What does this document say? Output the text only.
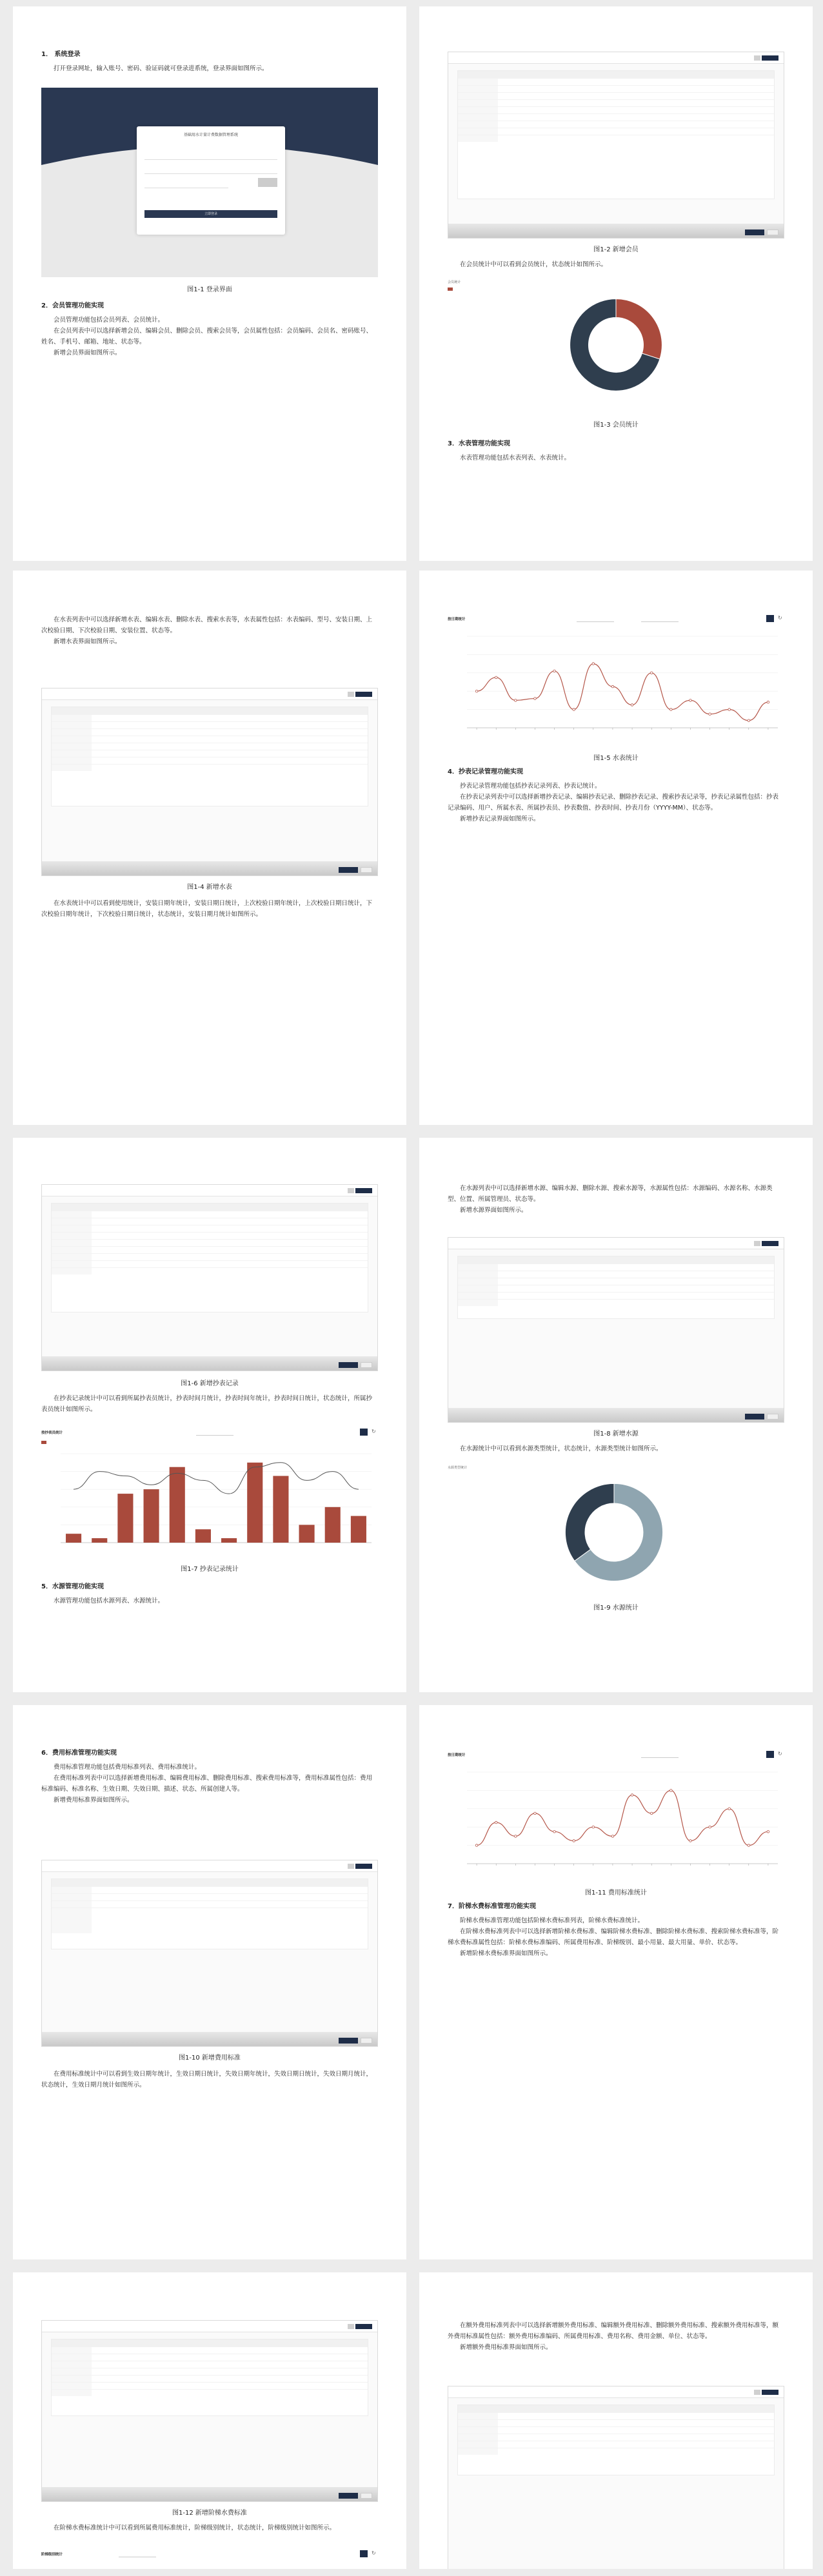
1． 系统登录
打开登录网址，输入账号、密码、验证码就可登录进系统，登录界面如图所示。
基础用水计量计费数据管理系统
立即登录
图1-1 登录界面
2．会员管理功能实现
会员管理功能包括会员列表、会员统计。
在会员列表中可以选择新增会员、编辑会员、删除会员、搜索会员等，会员属性包括：会员编码、会员名、密码账号、姓名、手机号、邮箱、地址、状态等。
新增会员界面如图所示。
图1-2 新增会员
在会员统计中可以看到会员统计，状态统计如图所示。
会员统计
图1-3 会员统计
3．水表管理功能实现
水表管理功能包括水表列表、水表统计。
在水表列表中可以选择新增水表、编辑水表、删除水表、搜索水表等，水表属性包括：水表编码、型号、安装日期、上次校验日期、下次校验日期、安装位置、状态等。
新增水表界面如图所示。
图1-4 新增水表
在水表统计中可以看到使用统计，安装日期年统计，安装日期日统计，上次校验日期年统计，上次校验日期日统计，下次校验日期年统计，下次校验日期日统计，状态统计，安装日期月统计如图所示。
按日期统计	↻
图1-5 水表统计
4．抄表记录管理功能实现
抄表记录管理功能包括抄表记录列表、抄表记统计。
在抄表记录列表中可以选择新增抄表记录、编辑抄表记录、删除抄表记录、搜索抄表记录等，抄表记录属性包括：抄表记录编码、用户、所属水表、所属抄表员、抄表数值、抄表时间、抄表月份（YYYY-MM）、状态等。
新增抄表记录界面如图所示。
图1-6 新增抄表记录
在抄表记录统计中可以看到所属抄表员统计，抄表时间月统计，抄表时间年统计，抄表时间日统计，状态统计，所属抄表员统计如图所示。
按抄表员统计	↻
图1-7 抄表记录统计
5．水源管理功能实现
水源管理功能包括水源列表、水源统计。
在水源列表中可以选择新增水源、编辑水源、删除水源、搜索水源等，水源属性包括：水源编码、水源名称、水源类型、位置、所属管理员、状态等。
新增水源界面如图所示。
图1-8 新增水源
在水源统计中可以看到水源类型统计，状态统计，水源类型统计如图所示。
水源类型统计
图1-9 水源统计
6．费用标准管理功能实现
费用标准管理功能包括费用标准列表、费用标准统计。
在费用标准列表中可以选择新增费用标准、编辑费用标准、删除费用标准、搜索费用标准等，费用标准属性包括：费用标准编码、标准名称、生效日期、失效日期、描述、状态、所属创建人等。
新增费用标准界面如图所示。
图1-10 新增费用标准
在费用标准统计中可以看到生效日期年统计，生效日期日统计，失效日期年统计，失效日期日统计，失效日期月统计，状态统计，生效日期月统计如图所示。
按日期统计	↻
图1-11 费用标准统计
7．阶梯水费标准管理功能实现
阶梯水费标准管理功能包括阶梯水费标准列表，阶梯水费标准统计。
在阶梯水费标准列表中可以选择新增阶梯水费标准、编辑阶梯水费标准、删除阶梯水费标准、搜索阶梯水费标准等，阶梯水费标准属性包括：阶梯水费标准编码、所属费用标准、阶梯级别、最小用量、最大用量、单价、状态等。
新增阶梯水费标准界面如图所示。
图1-12 新增阶梯水费标准
在阶梯水费标准统计中可以看到所属费用标准统计，阶梯级别统计，状态统计，阶梯级别统计如图所示。
阶梯级别统计	↻
在额外费用标准列表中可以选择新增额外费用标准、编辑额外费用标准、删除额外费用标准、搜索额外费用标准等，额外费用标准属性包括：额外费用标准编码、所属费用标准、费用名称、费用金额、单位、状态等。
新增额外费用标准界面如图所示。
